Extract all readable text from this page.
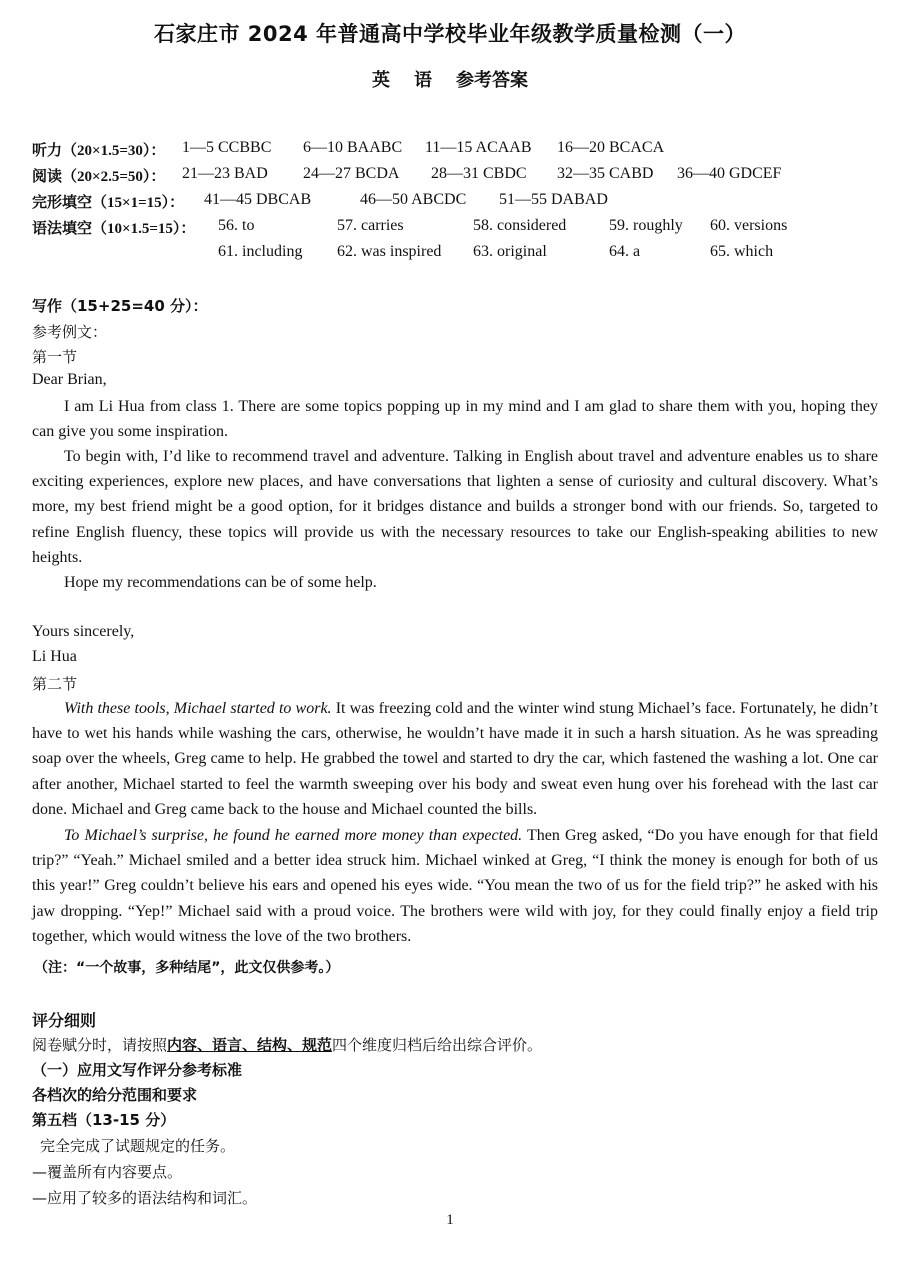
石家庄市 2024 年普通高中学校毕业年级教学质量检测（一）
英 语 参考答案
听力（20×1.5=30）： 1—5 CCBBC 6—10 BAABC 11—15 ACAAB 16—20 BCACA
阅读（20×2.5=50）： 21—23 BAD 24—27 BCDA 28—31 CBDC 32—35 CABD 36—40 GDCEF
完形填空（15×1=15）： 41—45 DBCAB	46—50 ABCDC 51—55 DABAD
语法填空（10×1.5=15）： 56. to	57. carries	58. considered	59. roughly 60. versions
61. including 62. was inspired 63. original	64. a	65. which
写作（15+25=40 分）：
参考例文：
第一节
Dear Brian,
I am Li Hua from class 1. There are some topics popping up in my mind and I am glad to share them with you, hoping they can give you some inspiration.
To begin with, I’d like to recommend travel and adventure. Talking in English about travel and adventure enables us to share exciting experiences, explore new places, and have conversations that lighten a sense of curiosity and cultural discovery. What’s more, my best friend might be a good option, for it bridges distance and builds a stronger bond with our friends. So, targeted to refine English fluency, these topics will provide us with the necessary resources to take our English-speaking abilities to new heights.
Hope my recommendations can be of some help.
Yours sincerely,
Li Hua
第二节
With these tools, Michael started to work. It was freezing cold and the winter wind stung Michael’s face. Fortunately, he didn’t have to wet his hands while washing the cars, otherwise, he wouldn’t have made it in such a harsh situation. As he was spreading soap over the wheels, Greg came to help. He grabbed the towel and started to dry the car, which fastened the washing a lot. One car after another, Michael started to feel the warmth sweeping over his body and sweat even hung over his forehead with the last car done. Michael and Greg came back to the house and Michael counted the bills.
To Michael’s surprise, he found he earned more money than expected. Then Greg asked, “Do you have enough for that field trip?” “Yeah.” Michael smiled and a better idea struck him. Michael winked at Greg, “I think the money is enough for both of us this year!” Greg couldn’t believe his ears and opened his eyes wide. “You mean the two of us for the field trip?” he asked with his jaw dropping. “Yep!” Michael said with a proud voice. The brothers were wild with joy, for they could finally enjoy a field trip together, which would witness the love of the two brothers.
（注：“一个故事，多种结尾”，此文仅供参考。）
评分细则
阅卷赋分时，请按照内容、语言、结构、规范四个维度归档后给出综合评价。
（一）应用文写作评分参考标准
各档次的给分范围和要求
第五档（13-15 分）
完全完成了试题规定的任务。
—覆盖所有内容要点。
—应用了较多的语法结构和词汇。
1
